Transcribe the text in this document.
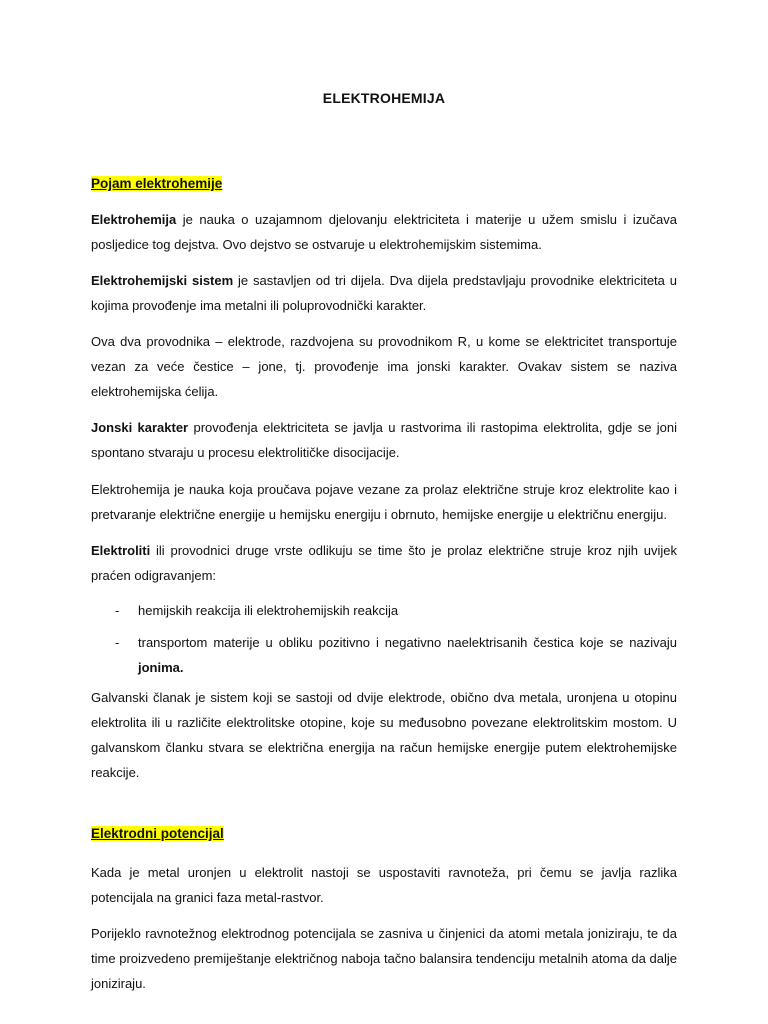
ELEKTROHEMIJA
Pojam elektrohemije

Elektrohemija je nauka o uzajamnom djelovanju elektriciteta i materije u užem smislu i izučava posljedice tog dejstva. Ovo dejstvo se ostvaruje u elektrohemijskim sistemima.

Elektrohemijski sistem je sastavljen od tri dijela. Dva dijela predstavljaju provodnike elektriciteta u kojima provođenje ima metalni ili poluprovodnički karakter.

Ova dva provodnika – elektrode, razdvojena su provodnikom R, u kome se elektricitet transportuje vezan za veće čestice – jone, tj. provođenje ima jonski karakter. Ovakav sistem se naziva elektrohemijska ćelija.

Jonski karakter provođenja elektriciteta se javlja u rastvorima ili rastopima elektrolita, gdje se joni spontano stvaraju u procesu elektrolitičke disocijacije.

Elektrohemija je nauka koja proučava pojave vezane za prolaz električne struje kroz elektrolite kao i pretvaranje električne energije u hemijsku energiju i obrnuto, hemijske energije u električnu energiju.

Elektroliti ili provodnici druge vrste odlikuju se time što je prolaz električne struje kroz njih uvijek praćen odigravanjem:

- hemijskih reakcija ili elektrohemijskih reakcija
- transportom materije u obliku pozitivno i negativno naelektrisanih čestica koje se nazivaju jonima.

Galvanski članak je sistem koji se sastoji od dvije elektrode, obično dva metala, uronjena u otopinu elektrolita ili u različite elektrolitske otopine, koje su međusobno povezane elektrolitskim mostom. U galvanskom članku stvara se električna energija na račun hemijske energije putem elektrohemijske reakcije.

Elektrodni potencijal

Kada je metal uronjen u elektrolit nastoji se uspostaviti ravnoteža, pri čemu se javlja razlika potencijala na granici faza metal-rastvor.

Porijeklo ravnotežnog elektrodnog potencijala se zasniva u činjenici da atomi metala joniziraju, te da time proizvedeno premiještanje električnog naboja tačno balansira tendenciju metalnih atoma da dalje joniziraju.
